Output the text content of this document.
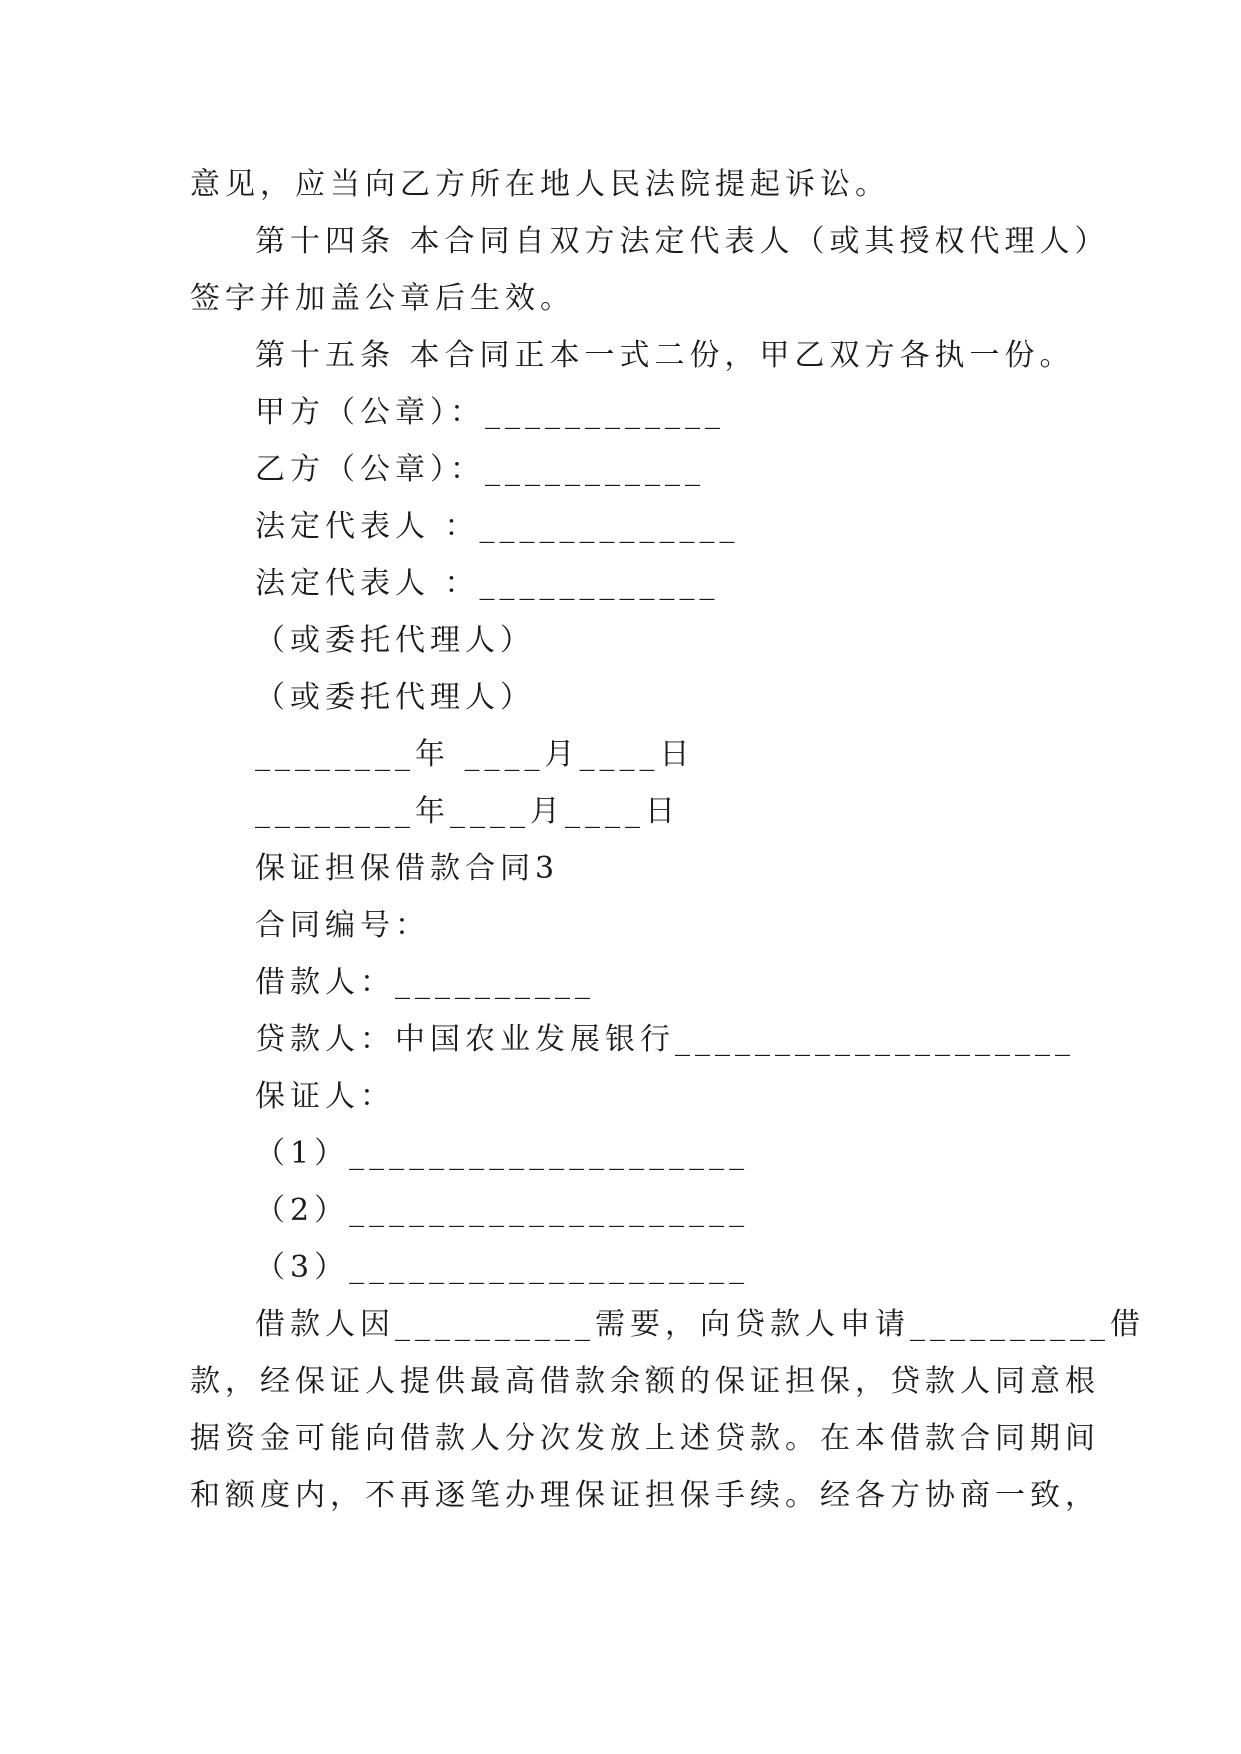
意见，应当向乙方所在地人民法院提起诉讼。
第十四条 本合同自双方法定代表人（或其授权代理人）
签字并加盖公章后生效。
第十五条 本合同正本一式二份，甲乙双方各执一份。
甲方（公章）：____________
乙方（公章）：___________
法定代表人 ：_____________
法定代表人 ：____________
（或委托代理人）
（或委托代理人）
________年 ____月____日
________年____月____日
保证担保借款合同3
合同编号：
借款人：__________
贷款人：中国农业发展银行____________________
保证人：
（1）____________________
（2）____________________
（3）____________________
借款人因__________需要，向贷款人申请__________借
款，经保证人提供最高借款余额的保证担保，贷款人同意根
据资金可能向借款人分次发放上述贷款。在本借款合同期间
和额度内，不再逐笔办理保证担保手续。经各方协商一致，
